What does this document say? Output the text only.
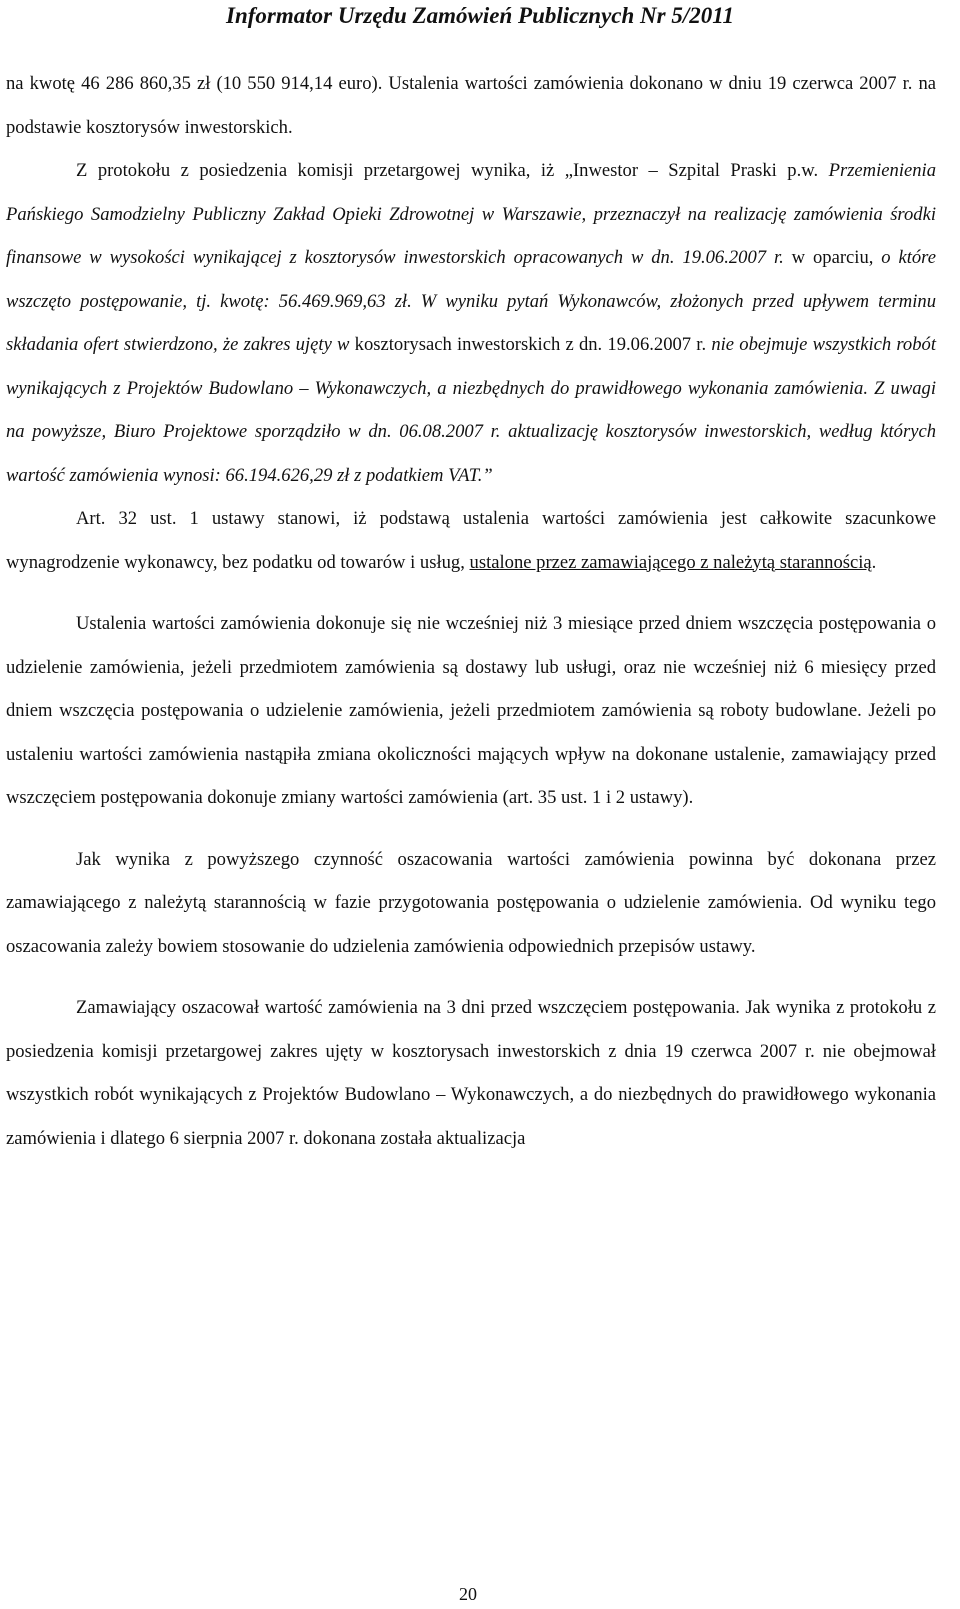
Informator Urzędu Zamówień Publicznych Nr 5/2011

na kwotę 46 286 860,35 zł (10 550 914,14 euro). Ustalenia wartości zamówienia dokonano w dniu 19 czerwca 2007 r. na podstawie kosztorysów inwestorskich.

Z protokołu z posiedzenia komisji przetargowej wynika, iż „Inwestor – Szpital Praski p.w. Przemienienia Pańskiego Samodzielny Publiczny Zakład Opieki Zdrowotnej w Warszawie, przeznaczył na realizację zamówienia środki finansowe w wysokości wynikającej z kosztorysów inwestorskich opracowanych w dn. 19.06.2007 r. w oparciu, o które wszczęto postępowanie, tj. kwotę: 56.469.969,63 zł. W wyniku pytań Wykonawców, złożonych przed upływem terminu składania ofert stwierdzono, że zakres ujęty w kosztorysach inwestorskich z dn. 19.06.2007 r. nie obejmuje wszystkich robót wynikających z Projektów Budowlano – Wykonawczych, a niezbędnych do prawidłowego wykonania zamówienia. Z uwagi na powyższe, Biuro Projektowe sporządziło w dn. 06.08.2007 r. aktualizację kosztorysów inwestorskich, według których wartość zamówienia wynosi: 66.194.626,29 zł z podatkiem VAT.”

Art. 32 ust. 1 ustawy stanowi, iż podstawą ustalenia wartości zamówienia jest całkowite szacunkowe wynagrodzenie wykonawcy, bez podatku od towarów i usług, ustalone przez zamawiającego z należytą starannością.

Ustalenia wartości zamówienia dokonuje się nie wcześniej niż 3 miesiące przed dniem wszczęcia postępowania o udzielenie zamówienia, jeżeli przedmiotem zamówienia są dostawy lub usługi, oraz nie wcześniej niż 6 miesięcy przed dniem wszczęcia postępowania o udzielenie zamówienia, jeżeli przedmiotem zamówienia są roboty budowlane. Jeżeli po ustaleniu wartości zamówienia nastąpiła zmiana okoliczności mających wpływ na dokonane ustalenie, zamawiający przed wszczęciem postępowania dokonuje zmiany wartości zamówienia (art. 35 ust. 1 i 2 ustawy).

Jak wynika z powyższego czynność oszacowania wartości zamówienia powinna być dokonana przez zamawiającego z należytą starannością w fazie przygotowania postępowania o udzielenie zamówienia. Od wyniku tego oszacowania zależy bowiem stosowanie do udzielenia zamówienia odpowiednich przepisów ustawy.

Zamawiający oszacował wartość zamówienia na 3 dni przed wszczęciem postępowania. Jak wynika z protokołu z posiedzenia komisji przetargowej zakres ujęty w kosztorysach inwestorskich z dnia 19 czerwca 2007 r. nie obejmował wszystkich robót wynikających z Projektów Budowlano – Wykonawczych, a do niezbędnych do prawidłowego wykonania zamówienia i dlatego 6 sierpnia 2007 r. dokonana została aktualizacja

20
